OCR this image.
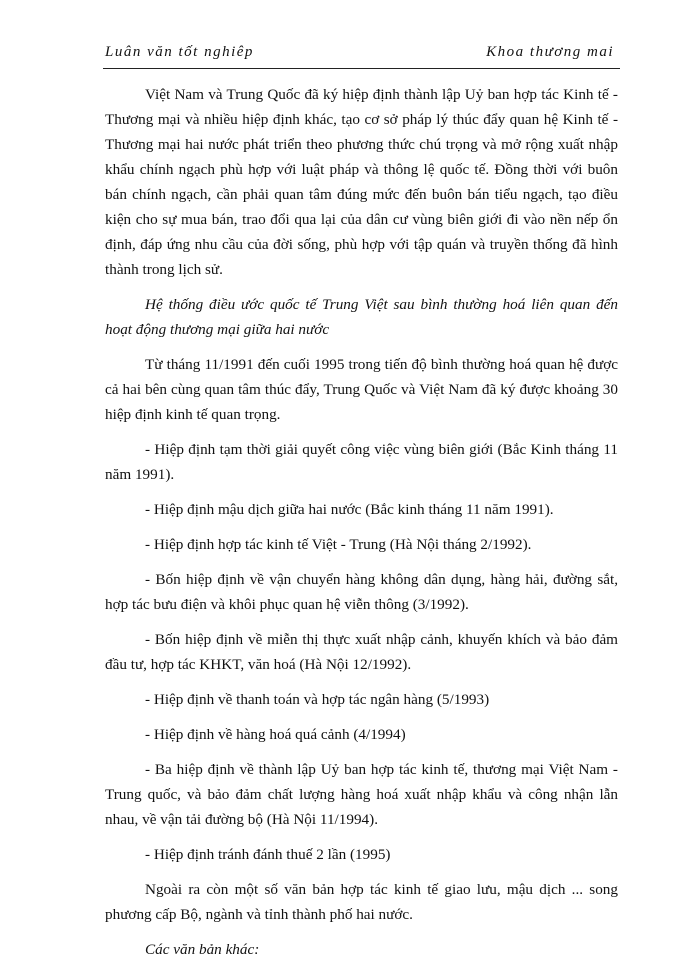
Luân văn tốt nghiêp	Khoa thương mai

Việt Nam và Trung Quốc đã ký hiệp định thành lập Uỷ ban hợp tác Kinh tế - Thương mại và nhiều hiệp định khác, tạo cơ sở pháp lý thúc đẩy quan hệ Kinh tế - Thương mại hai nước phát triển theo phương thức chú trọng và mở rộng xuất nhập khẩu chính ngạch phù hợp với luật pháp và thông lệ quốc tế. Đồng thời với buôn bán chính ngạch, cần phải quan tâm đúng mức đến buôn bán tiểu ngạch, tạo điều kiện cho sự mua bán, trao đổi qua lại của dân cư vùng biên giới đi vào nền nếp ổn định, đáp ứng nhu cầu của đời sống, phù hợp với tập quán và truyền thống đã hình thành trong lịch sử.

Hệ thống điều ước quốc tế Trung Việt sau bình thường hoá liên quan đến hoạt động thương mại giữa hai nước

Từ tháng 11/1991 đến cuối 1995 trong tiến độ bình thường hoá quan hệ được cả hai bên cùng quan tâm thúc đẩy, Trung Quốc và Việt Nam đã ký được khoảng 30 hiệp định kinh tế quan trọng.

- Hiệp định tạm thời giải quyết công việc vùng biên giới (Bắc Kinh tháng 11 năm 1991).

- Hiệp định mậu dịch giữa hai nước (Bắc kinh tháng 11 năm 1991).

- Hiệp định hợp tác kinh tế Việt - Trung (Hà Nội tháng 2/1992).

- Bốn hiệp định về vận chuyển hàng không dân dụng, hàng hải, đường sắt, hợp tác bưu điện và khôi phục quan hệ viễn thông (3/1992).

- Bốn hiệp định về miễn thị thực xuất nhập cảnh, khuyến khích và bảo đảm đầu tư, hợp tác KHKT, văn hoá (Hà Nội 12/1992).

- Hiệp định về thanh toán và hợp tác ngân hàng (5/1993)

- Hiệp định về hàng hoá quá cảnh (4/1994)

- Ba hiệp định về thành lập Uỷ ban hợp tác kinh tế, thương mại Việt Nam - Trung quốc, và bảo đảm chất lượng hàng hoá xuất nhập khẩu và công nhận lẫn nhau, về vận tải đường bộ (Hà Nội 11/1994).

- Hiệp định tránh đánh thuế 2 lần (1995)

Ngoài ra còn một số văn bản hợp tác kinh tế giao lưu, mậu dịch ... song phương cấp Bộ, ngành và tỉnh thành phố hai nước.

Các văn bản khác:
